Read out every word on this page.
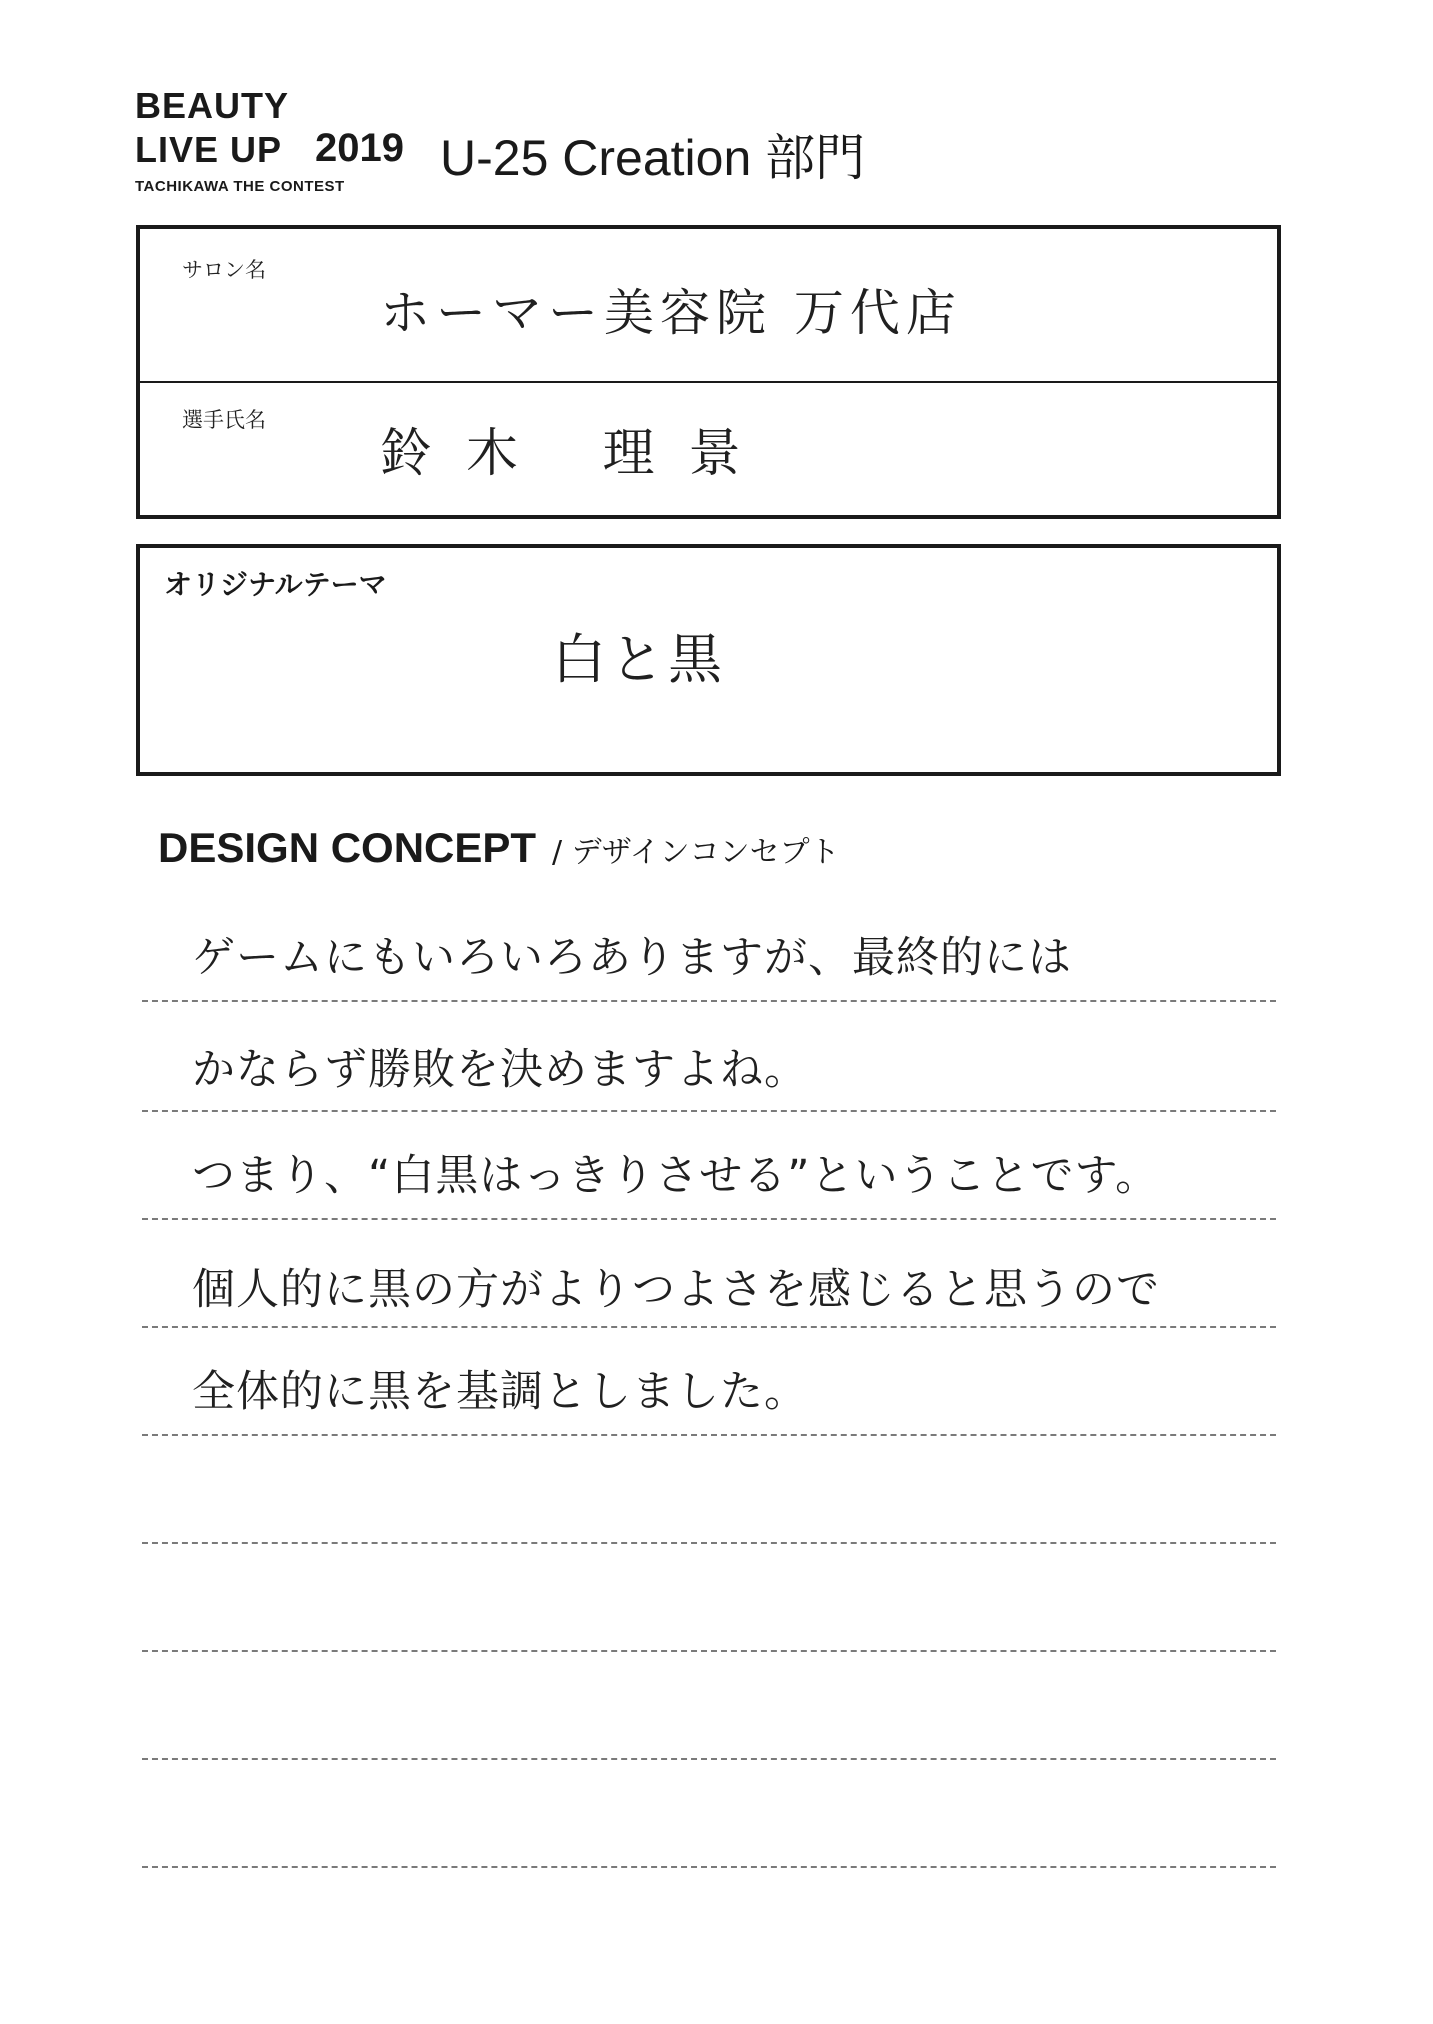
BEAUTY
LIVE UP 2019
TACHIKAWA THE CONTEST
U-25 Creation 部門
サロン名
ホーマー美容院 万代店
選手氏名
鈴木 理景
オリジナルテーマ
白と黒
DESIGN CONCEPT / デザインコンセプト
ゲームにもいろいろありますが、最終的には
かならず勝敗を決めますよね。
つまり、“白黒はっきりさせる”ということです。
個人的に黒の方がよりつよさを感じると思うので
全体的に黒を基調としました。
